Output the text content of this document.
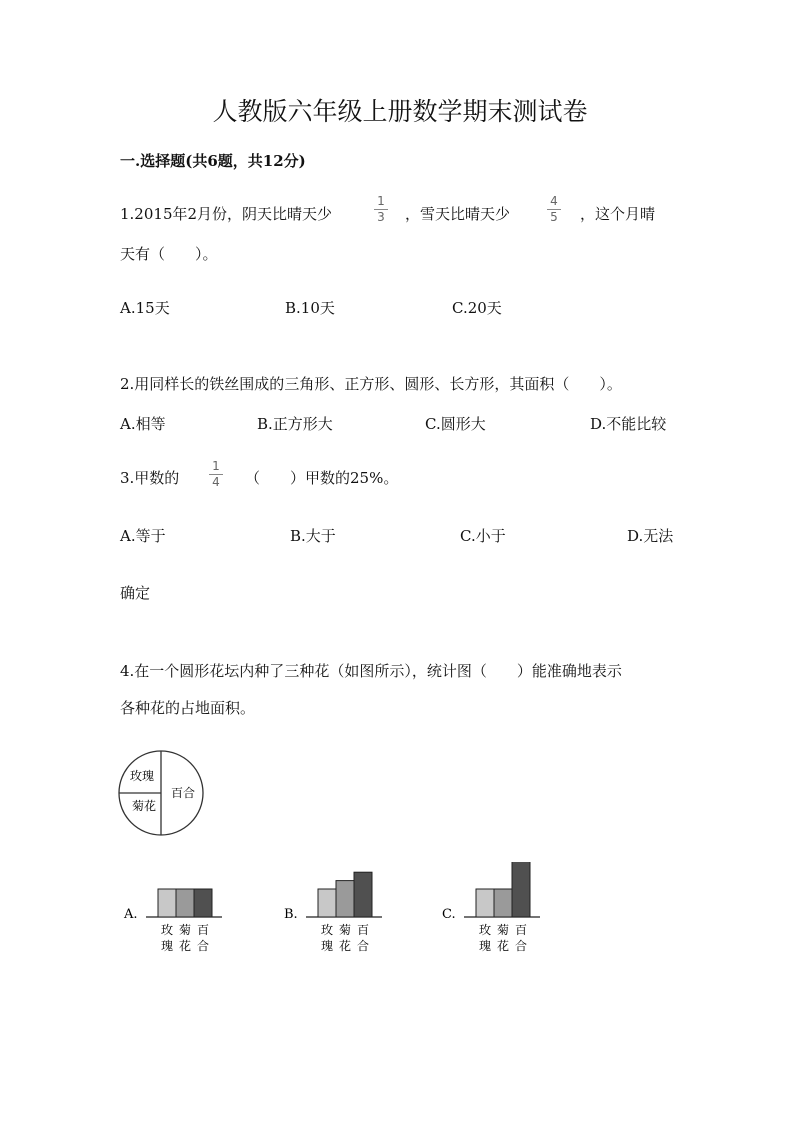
人教版六年级上册数学期末测试卷
一.选择题(共6题，共12分)
1.2015年2月份，阴天比晴天少
1
3	，雪天比晴天少
4
5	，这个月晴
天有（　　）。
A.15天	B.10天	C.20天
2.用同样长的铁丝围成的三角形、正方形、圆形、长方形，其面积（　　）。
A.相等	B.正方形大	C.圆形大	D.不能比较
3.甲数的
1
4	（　　）甲数的25%。
A.等于	B.大于	C.小于	D.无法
确定
4.在一个圆形花坛内种了三种花（如图所示），统计图（　　）能准确地表示
各种花的占地面积。
玫瑰
菊花
百合
A.
玫
瑰
菊
花
百
合
B.
玫
瑰
菊
花
百
合
C.
玫
瑰
菊
花
百
合
